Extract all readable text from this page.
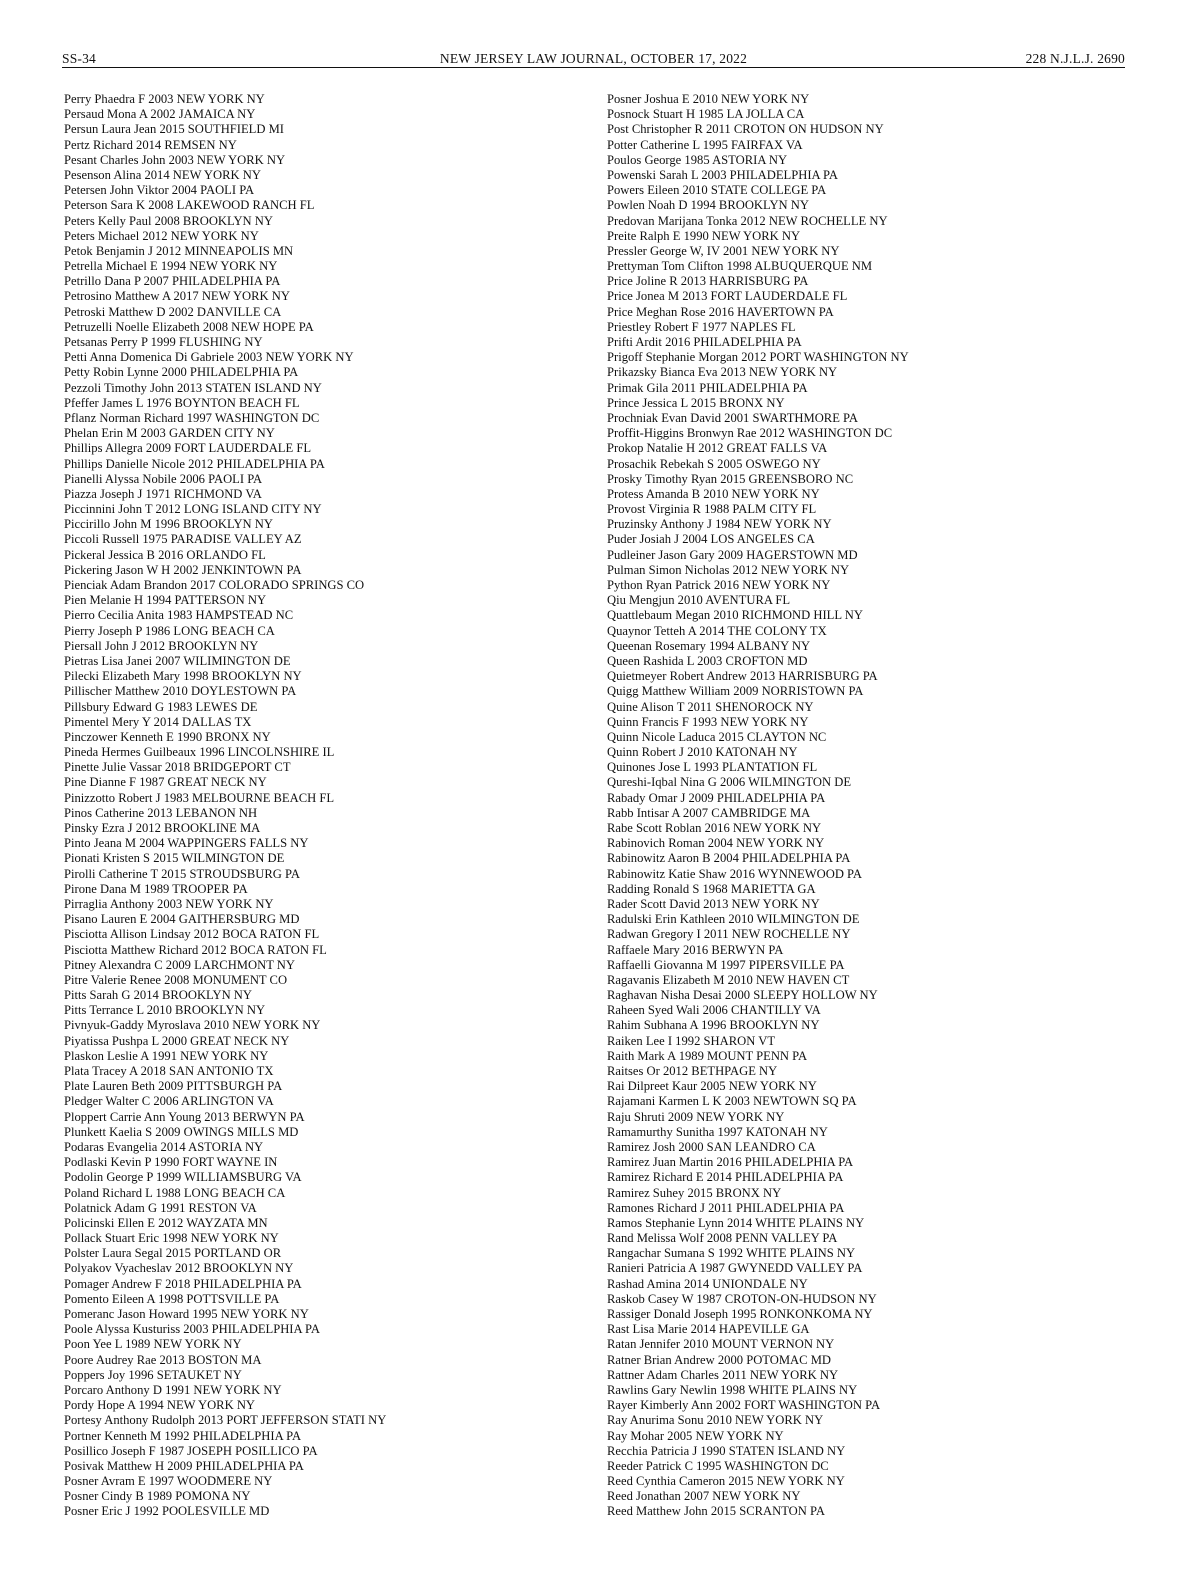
SS-34	NEW JERSEY LAW JOURNAL, OCTOBER 17, 2022	228 N.J.L.J. 2690
Perry Phaedra F 2003 NEW YORK NY
Persaud Mona A 2002 JAMAICA NY
Persun Laura Jean 2015 SOUTHFIELD MI
Pertz Richard 2014 REMSEN NY
Pesant Charles John 2003 NEW YORK NY
Pesenson Alina 2014 NEW YORK NY
Petersen John Viktor 2004 PAOLI PA
Peterson Sara K 2008 LAKEWOOD RANCH FL
Peters Kelly Paul 2008 BROOKLYN NY
Peters Michael 2012 NEW YORK NY
Petok Benjamin J 2012 MINNEAPOLIS MN
Petrella Michael E 1994 NEW YORK NY
Petrillo Dana P 2007 PHILADELPHIA PA
Petrosino Matthew A 2017 NEW YORK NY
Petroski Matthew D 2002 DANVILLE CA
Petruzelli Noelle Elizabeth 2008 NEW HOPE PA
Petsanas Perry P 1999 FLUSHING NY
Petti Anna Domenica Di Gabriele 2003 NEW YORK NY
Petty Robin Lynne 2000 PHILADELPHIA PA
Pezzoli Timothy John 2013 STATEN ISLAND NY
Pfeffer James L 1976 BOYNTON BEACH FL
Pflanz Norman Richard 1997 WASHINGTON DC
Phelan Erin M 2003 GARDEN CITY NY
Phillips Allegra 2009 FORT LAUDERDALE FL
Phillips Danielle Nicole 2012 PHILADELPHIA PA
Pianelli Alyssa Nobile 2006 PAOLI PA
Piazza Joseph J 1971 RICHMOND VA
Piccinnini John T 2012 LONG ISLAND CITY NY
Piccirillo John M 1996 BROOKLYN NY
Piccoli Russell 1975 PARADISE VALLEY AZ
Pickeral Jessica B 2016 ORLANDO FL
Pickering Jason W H 2002 JENKINTOWN PA
Pienciak Adam Brandon 2017 COLORADO SPRINGS CO
Pien Melanie H 1994 PATTERSON NY
Pierro Cecilia Anita 1983 HAMPSTEAD NC
Pierry Joseph P 1986 LONG BEACH CA
Piersall John J 2012 BROOKLYN NY
Pietras Lisa Janei 2007 WILIMINGTON DE
Pilecki Elizabeth Mary 1998 BROOKLYN NY
Pillischer Matthew 2010 DOYLESTOWN PA
Pillsbury Edward G 1983 LEWES DE
Pimentel Mery Y 2014 DALLAS TX
Pinczower Kenneth E 1990 BRONX NY
Pineda Hermes Guilbeaux 1996 LINCOLNSHIRE IL
Pinette Julie Vassar 2018 BRIDGEPORT CT
Pine Dianne F 1987 GREAT NECK NY
Pinizzotto Robert J 1983 MELBOURNE BEACH FL
Pinos Catherine 2013 LEBANON NH
Pinsky Ezra J 2012 BROOKLINE MA
Pinto Jeana M 2004 WAPPINGERS FALLS NY
Pionati Kristen S 2015 WILMINGTON DE
Pirolli Catherine T 2015 STROUDSBURG PA
Pirone Dana M 1989 TROOPER PA
Pirraglia Anthony 2003 NEW YORK NY
Pisano Lauren E 2004 GAITHERSBURG MD
Pisciotta Allison Lindsay 2012 BOCA RATON FL
Pisciotta Matthew Richard 2012 BOCA RATON FL
Pitney Alexandra C 2009 LARCHMONT NY
Pitre Valerie Renee 2008 MONUMENT CO
Pitts Sarah G 2014 BROOKLYN NY
Pitts Terrance L 2010 BROOKLYN NY
Pivnyuk-Gaddy Myroslava 2010 NEW YORK NY
Piyatissa Pushpa L 2000 GREAT NECK NY
Plaskon Leslie A 1991 NEW YORK NY
Plata Tracey A 2018 SAN ANTONIO TX
Plate Lauren Beth 2009 PITTSBURGH PA
Pledger Walter C 2006 ARLINGTON VA
Ploppert Carrie Ann Young 2013 BERWYN PA
Plunkett Kaelia S 2009 OWINGS MILLS MD
Podaras Evangelia 2014 ASTORIA NY
Podlaski Kevin P 1990 FORT WAYNE IN
Podolin George P 1999 WILLIAMSBURG VA
Poland Richard L 1988 LONG BEACH CA
Polatnick Adam G 1991 RESTON VA
Policinski Ellen E 2012 WAYZATA MN
Pollack Stuart Eric 1998 NEW YORK NY
Polster Laura Segal 2015 PORTLAND OR
Polyakov Vyacheslav 2012 BROOKLYN NY
Pomager Andrew F 2018 PHILADELPHIA PA
Pomento Eileen A 1998 POTTSVILLE PA
Pomeranc Jason Howard 1995 NEW YORK NY
Poole Alyssa Kusturiss 2003 PHILADELPHIA PA
Poon Yee L 1989 NEW YORK NY
Poore Audrey Rae 2013 BOSTON MA
Poppers Joy 1996 SETAUKET NY
Porcaro Anthony D 1991 NEW YORK NY
Pordy Hope A 1994 NEW YORK NY
Portesy Anthony Rudolph 2013 PORT JEFFERSON STATI NY
Portner Kenneth M 1992 PHILADELPHIA PA
Posillico Joseph F 1987 JOSEPH POSILLICO PA
Posivak Matthew H 2009 PHILADELPHIA PA
Posner Avram E 1997 WOODMERE NY
Posner Cindy B 1989 POMONA NY
Posner Eric J 1992 POOLESVILLE MD
Posner Joshua E 2010 NEW YORK NY
Posnock Stuart H 1985 LA JOLLA CA
Post Christopher R 2011 CROTON ON HUDSON NY
Potter Catherine L 1995 FAIRFAX VA
Poulos George 1985 ASTORIA NY
Powenski Sarah L 2003 PHILADELPHIA PA
Powers Eileen 2010 STATE COLLEGE PA
Powlen Noah D 1994 BROOKLYN NY
Predovan Marijana Tonka 2012 NEW ROCHELLE NY
Preite Ralph E 1990 NEW YORK NY
Pressler George W, IV 2001 NEW YORK NY
Prettyman Tom Clifton 1998 ALBUQUERQUE NM
Price Joline R 2013 HARRISBURG PA
Price Jonea M 2013 FORT LAUDERDALE FL
Price Meghan Rose 2016 HAVERTOWN PA
Priestley Robert F 1977 NAPLES FL
Prifti Ardit 2016 PHILADELPHIA PA
Prigoff Stephanie Morgan 2012 PORT WASHINGTON NY
Prikazsky Bianca Eva 2013 NEW YORK NY
Primak Gila 2011 PHILADELPHIA PA
Prince Jessica L 2015 BRONX NY
Prochniak Evan David 2001 SWARTHMORE PA
Proffit-Higgins Bronwyn Rae 2012 WASHINGTON DC
Prokop Natalie H 2012 GREAT FALLS VA
Prosachik Rebekah S 2005 OSWEGO NY
Prosky Timothy Ryan 2015 GREENSBORO NC
Protess Amanda B 2010 NEW YORK NY
Provost Virginia R 1988 PALM CITY FL
Pruzinsky Anthony J 1984 NEW YORK NY
Puder Josiah J 2004 LOS ANGELES CA
Pudleiner Jason Gary 2009 HAGERSTOWN MD
Pulman Simon Nicholas 2012 NEW YORK NY
Python Ryan Patrick 2016 NEW YORK NY
Qiu Mengjun 2010 AVENTURA FL
Quattlebaum Megan 2010 RICHMOND HILL NY
Quaynor Tetteh A 2014 THE COLONY TX
Queenan Rosemary 1994 ALBANY NY
Queen Rashida L 2003 CROFTON MD
Quietmeyer Robert Andrew 2013 HARRISBURG PA
Quigg Matthew William 2009 NORRISTOWN PA
Quine Alison T 2011 SHENOROCK NY
Quinn Francis F 1993 NEW YORK NY
Quinn Nicole Laduca 2015 CLAYTON NC
Quinn Robert J 2010 KATONAH NY
Quinones Jose L 1993 PLANTATION FL
Qureshi-Iqbal Nina G 2006 WILMINGTON DE
Rabady Omar J 2009 PHILADELPHIA PA
Rabb Intisar A 2007 CAMBRIDGE MA
Rabe Scott Roblan 2016 NEW YORK NY
Rabinovich Roman 2004 NEW YORK NY
Rabinowitz Aaron B 2004 PHILADELPHIA PA
Rabinowitz Katie Shaw 2016 WYNNEWOOD PA
Radding Ronald S 1968 MARIETTA GA
Rader Scott David 2013 NEW YORK NY
Radulski Erin Kathleen 2010 WILMINGTON DE
Radwan Gregory I 2011 NEW ROCHELLE NY
Raffaele Mary 2016 BERWYN PA
Raffaelli Giovanna M 1997 PIPERSVILLE PA
Ragavanis Elizabeth M 2010 NEW HAVEN CT
Raghavan Nisha Desai 2000 SLEEPY HOLLOW NY
Raheen Syed Wali 2006 CHANTILLY VA
Rahim Subhana A 1996 BROOKLYN NY
Raiken Lee I 1992 SHARON VT
Raith Mark A 1989 MOUNT PENN PA
Raitses Or 2012 BETHPAGE NY
Rai Dilpreet Kaur 2005 NEW YORK NY
Rajamani Karmen L K 2003 NEWTOWN SQ PA
Raju Shruti 2009 NEW YORK NY
Ramamurthy Sunitha 1997 KATONAH NY
Ramirez Josh 2000 SAN LEANDRO CA
Ramirez Juan Martin 2016 PHILADELPHIA PA
Ramirez Richard E 2014 PHILADELPHIA PA
Ramirez Suhey 2015 BRONX NY
Ramones Richard J 2011 PHILADELPHIA PA
Ramos Stephanie Lynn 2014 WHITE PLAINS NY
Rand Melissa Wolf 2008 PENN VALLEY PA
Rangachar Sumana S 1992 WHITE PLAINS NY
Ranieri Patricia A 1987 GWYNEDD VALLEY PA
Rashad Amina 2014 UNIONDALE NY
Raskob Casey W 1987 CROTON-ON-HUDSON NY
Rassiger Donald Joseph 1995 RONKONKOMA NY
Rast Lisa Marie 2014 HAPEVILLE GA
Ratan Jennifer 2010 MOUNT VERNON NY
Ratner Brian Andrew 2000 POTOMAC MD
Rattner Adam Charles 2011 NEW YORK NY
Rawlins Gary Newlin 1998 WHITE PLAINS NY
Rayer Kimberly Ann 2002 FORT WASHINGTON PA
Ray Anurima Sonu 2010 NEW YORK NY
Ray Mohar 2005 NEW YORK NY
Recchia Patricia J 1990 STATEN ISLAND NY
Reeder Patrick C 1995 WASHINGTON DC
Reed Cynthia Cameron 2015 NEW YORK NY
Reed Jonathan 2007 NEW YORK NY
Reed Matthew John 2015 SCRANTON PA
